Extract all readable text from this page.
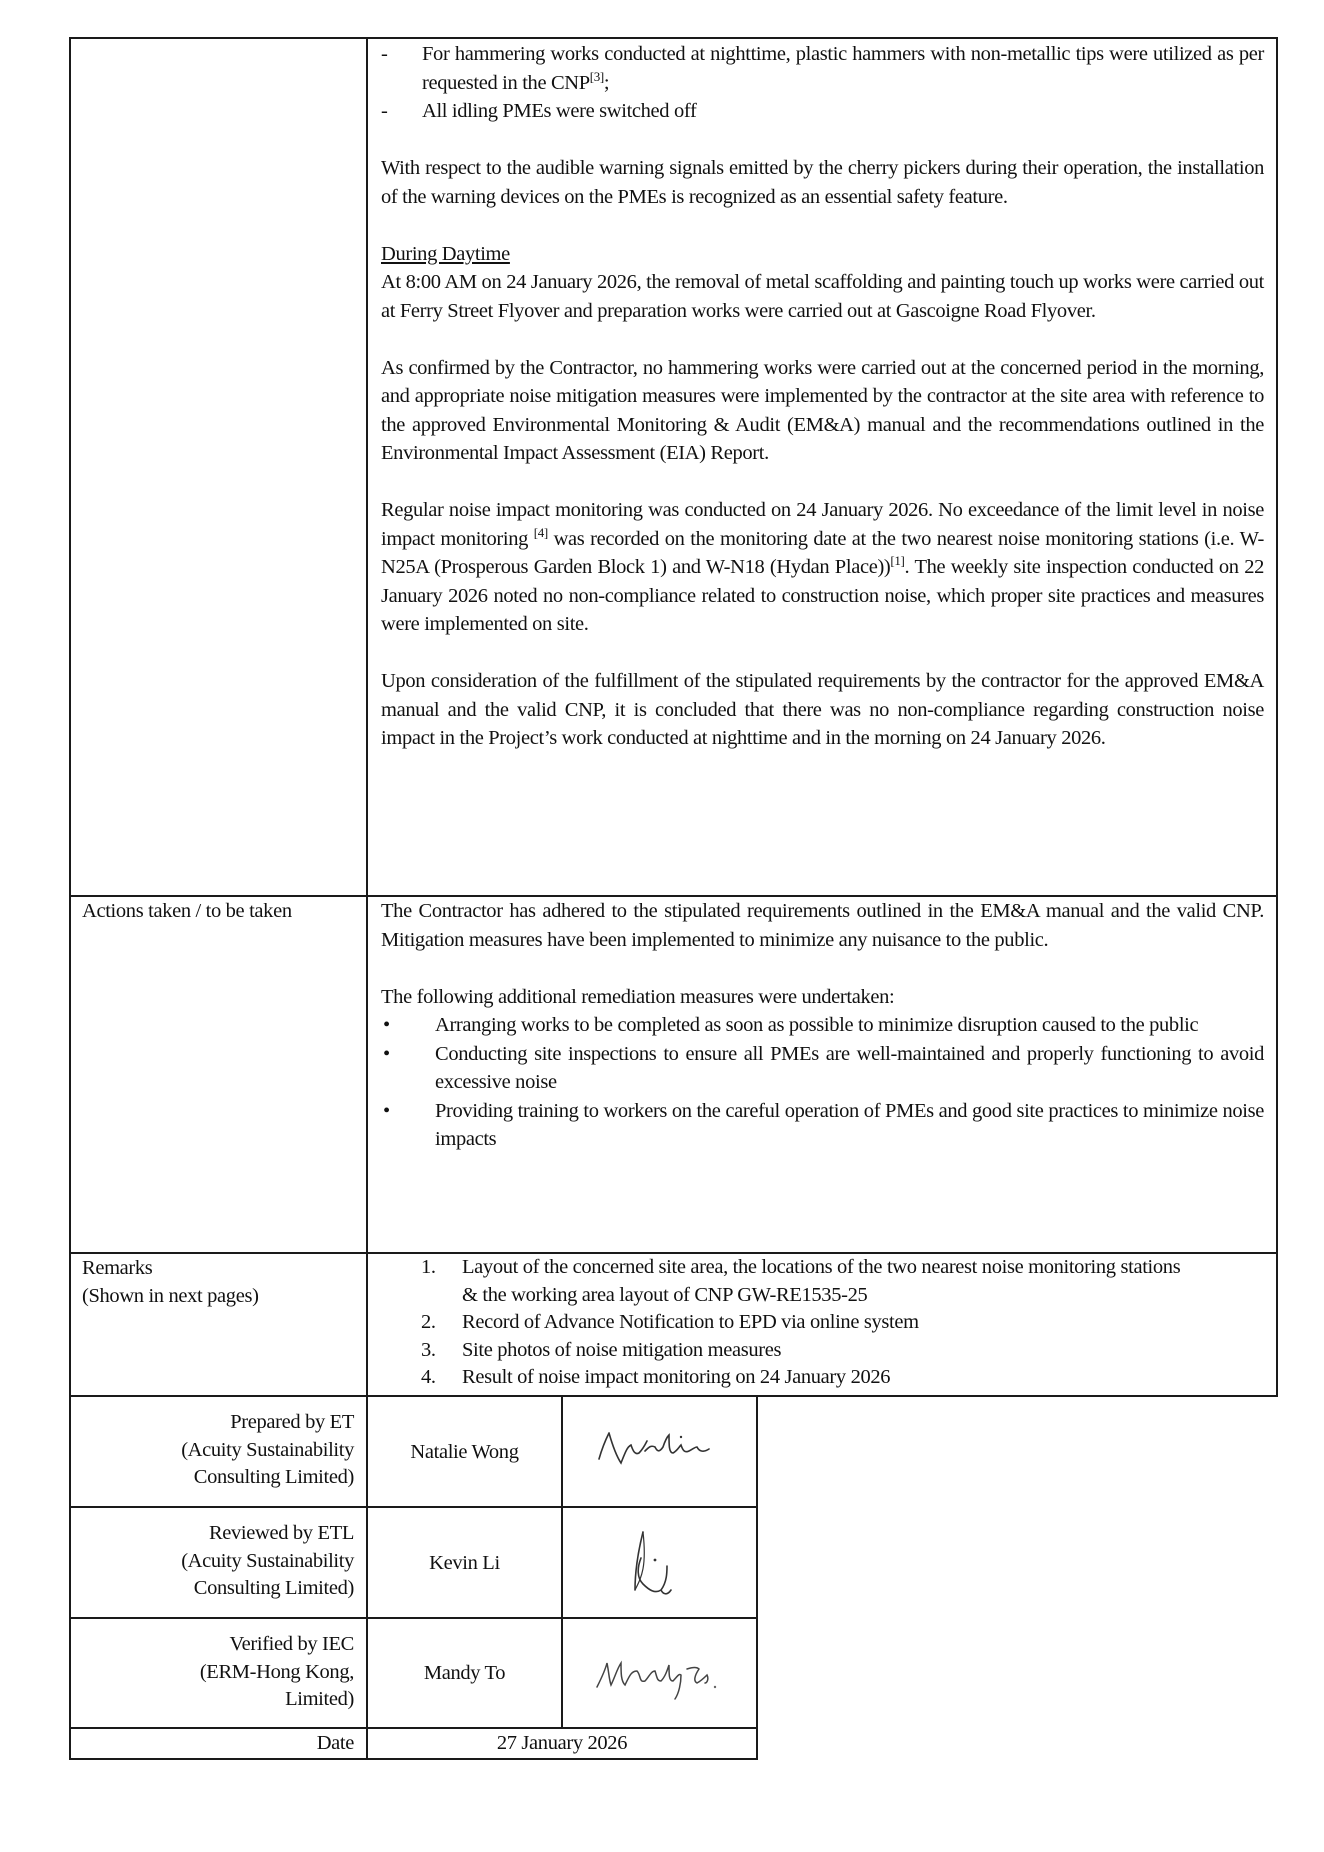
- For hammering works conducted at nighttime, plastic hammers with non-metallic tips were utilized as per requested in the CNP[3];
- All idling PMEs were switched off

With respect to the audible warning signals emitted by the cherry pickers during their operation, the installation of the warning devices on the PMEs is recognized as an essential safety feature.

During Daytime

At 8:00 AM on 24 January 2026, the removal of metal scaffolding and painting touch up works were carried out at Ferry Street Flyover and preparation works were carried out at Gascoigne Road Flyover.

As confirmed by the Contractor, no hammering works were carried out at the concerned period in the morning, and appropriate noise mitigation measures were implemented by the contractor at the site area with reference to the approved Environmental Monitoring & Audit (EM&A) manual and the recommendations outlined in the Environmental Impact Assessment (EIA) Report.

Regular noise impact monitoring was conducted on 24 January 2026. No exceedance of the limit level in noise impact monitoring [4] was recorded on the monitoring date at the two nearest noise monitoring stations (i.e. W-N25A (Prosperous Garden Block 1) and W-N18 (Hydan Place))[1]. The weekly site inspection conducted on 22 January 2026 noted no non-compliance related to construction noise, which proper site practices and measures were implemented on site.

Upon consideration of the fulfillment of the stipulated requirements by the contractor for the approved EM&A manual and the valid CNP, it is concluded that there was no non-compliance regarding construction noise impact in the Project’s work conducted at nighttime and in the morning on 24 January 2026.

Actions taken / to be taken	The Contractor has adhered to the stipulated requirements outlined in the EM&A manual and the valid CNP. Mitigation measures have been implemented to minimize any nuisance to the public.

The following additional remediation measures were undertaken:
• Arranging works to be completed as soon as possible to minimize disruption caused to the public
• Conducting site inspections to ensure all PMEs are well-maintained and properly functioning to avoid excessive noise
• Providing training to workers on the careful operation of PMEs and good site practices to minimize noise impacts
Remarks
(Shown in next pages)
1. Layout of the concerned site area, the locations of the two nearest noise monitoring stations & the working area layout of CNP GW-RE1535-25
2. Record of Advance Notification to EPD via online system
3. Site photos of noise mitigation measures
4. Result of noise impact monitoring on 24 January 2026
Prepared by ET
(Acuity Sustainability
Consulting Limited)
Natalie Wong
Reviewed by ETL
(Acuity Sustainability
Consulting Limited)
Kevin Li
Verified by IEC
(ERM-Hong Kong,
Limited)
Mandy To
Date	27 January 2026
